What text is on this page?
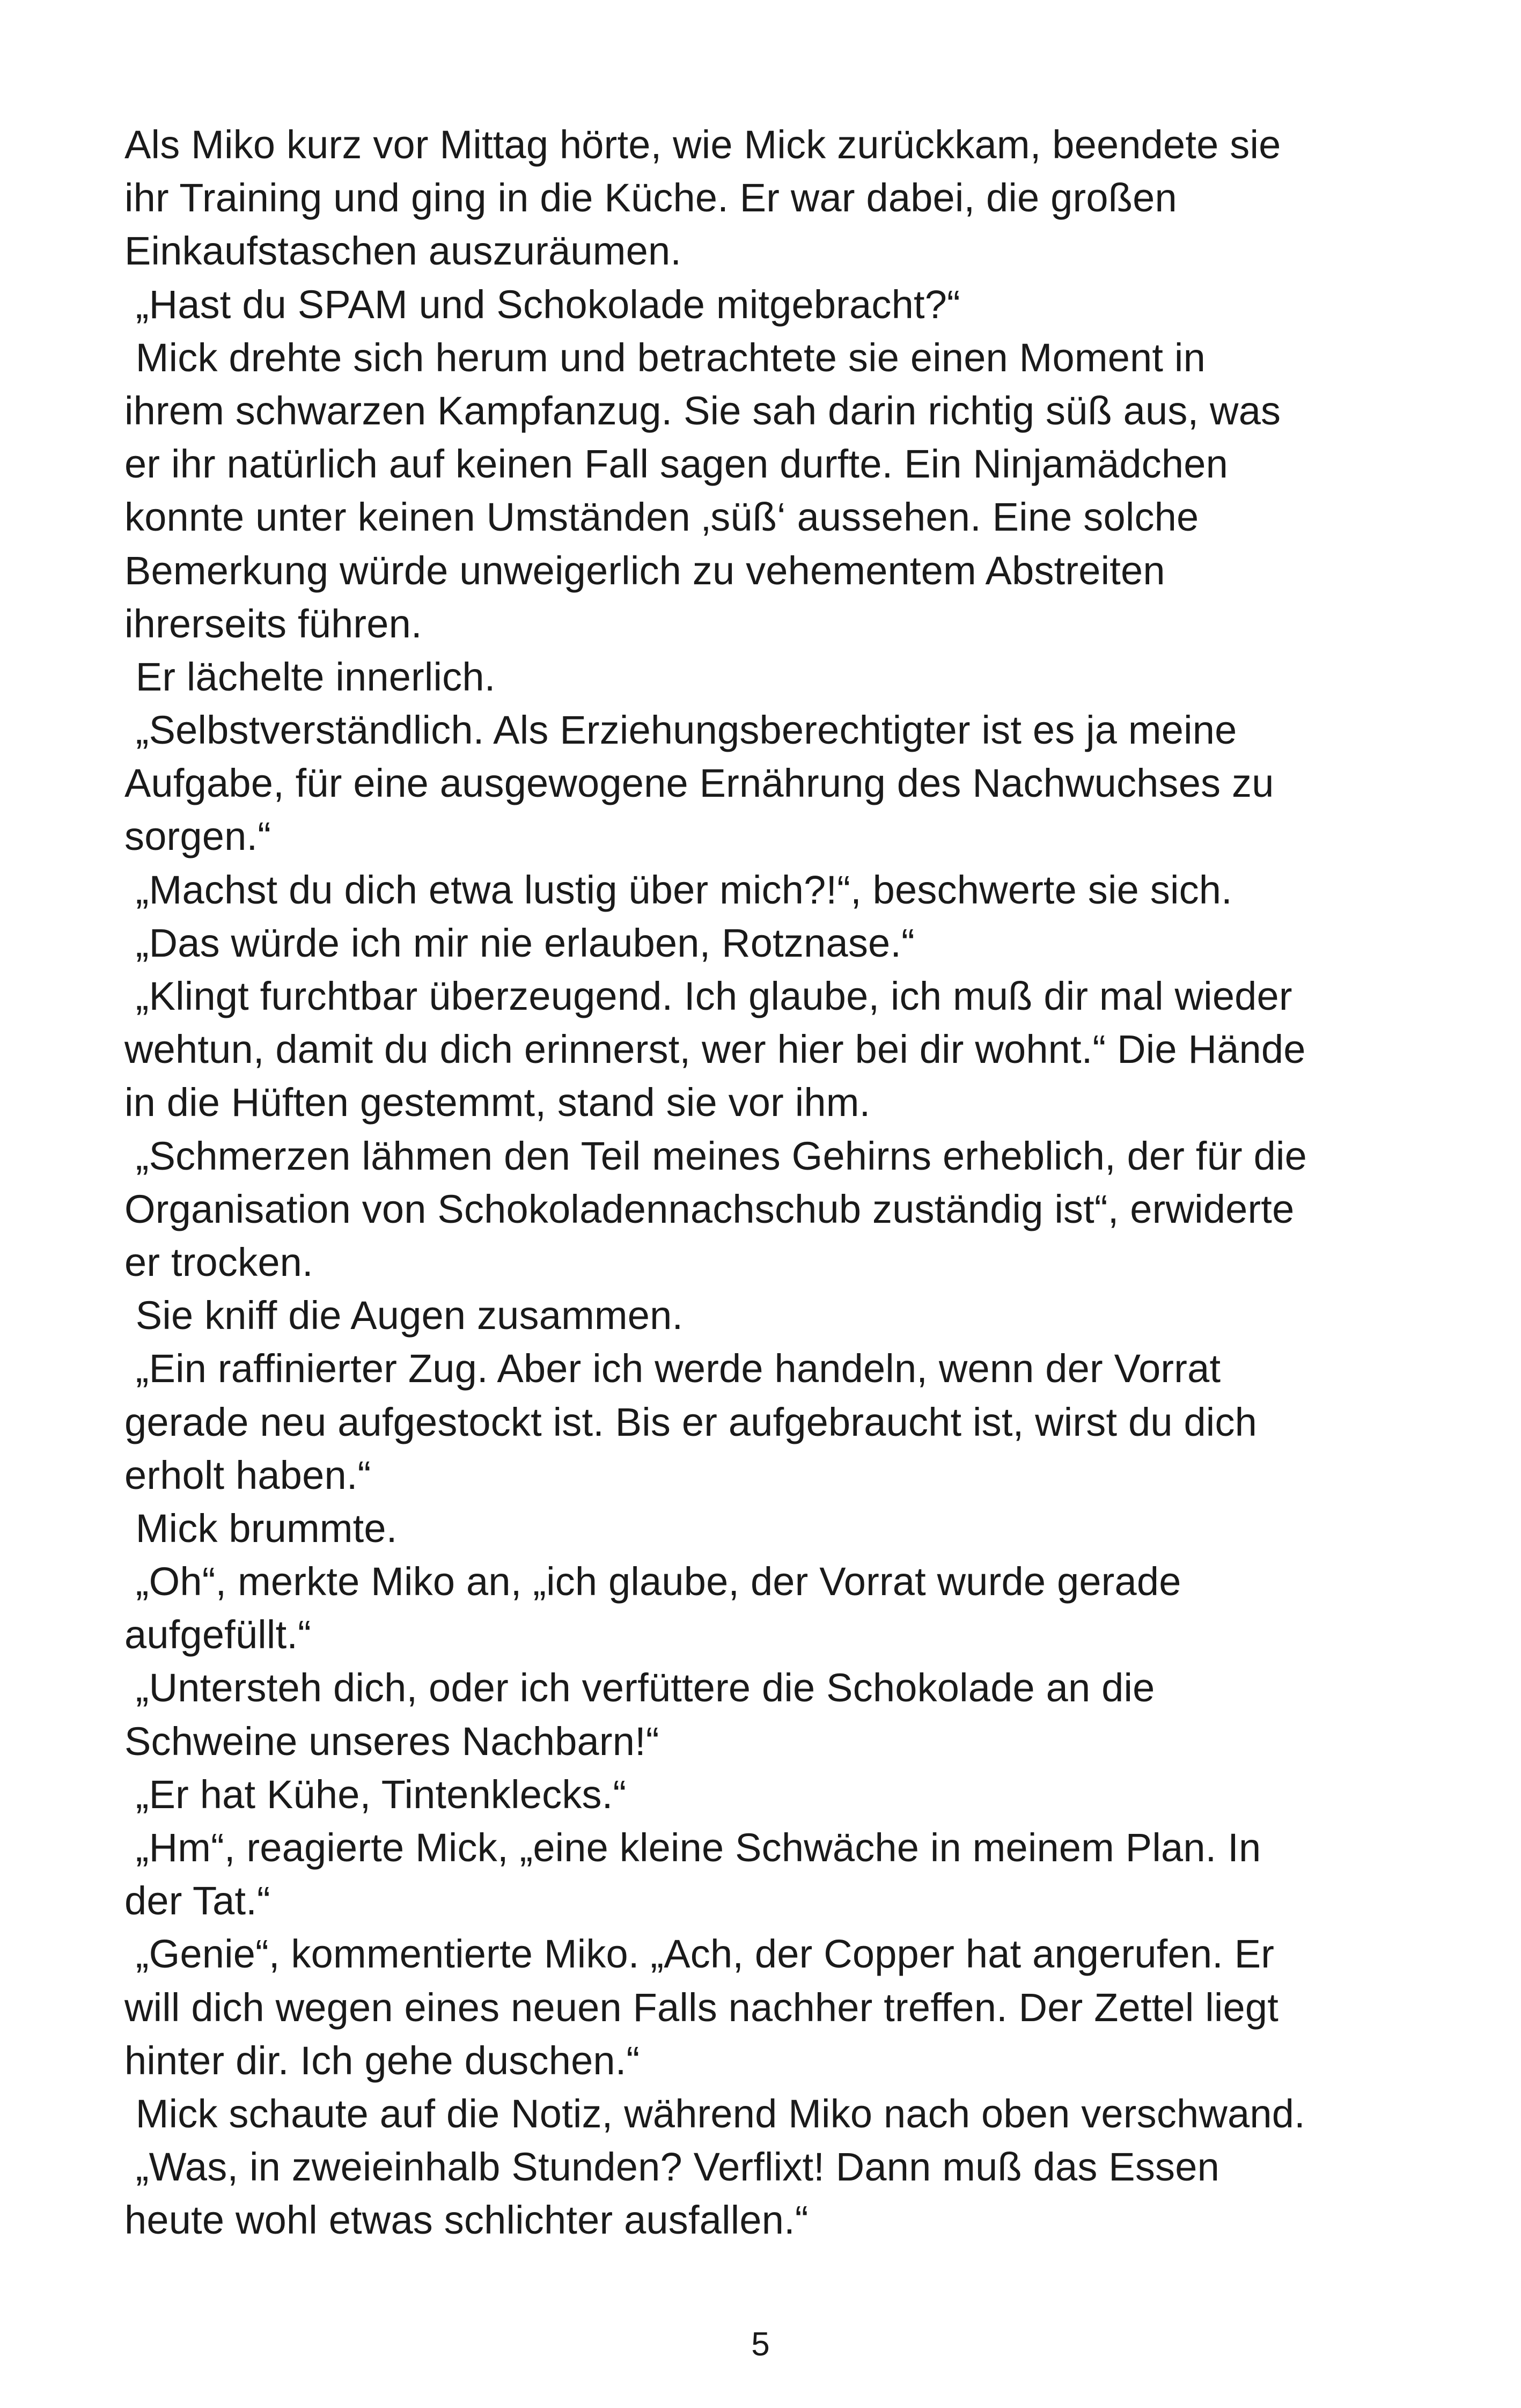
Als Miko kurz vor Mittag hörte, wie Mick zurückkam, beendete sie
ihr Training und ging in die Küche. Er war dabei, die großen
Einkaufstaschen auszuräumen.
„Hast du SPAM und Schokolade mitgebracht?“
Mick drehte sich herum und betrachtete sie einen Moment in
ihrem schwarzen Kampfanzug. Sie sah darin richtig süß aus, was
er ihr natürlich auf keinen Fall sagen durfte. Ein Ninjamädchen
konnte unter keinen Umständen ‚süß‘ aussehen. Eine solche
Bemerkung würde unweigerlich zu vehementem Abstreiten
ihrerseits führen.
Er lächelte innerlich.
„Selbstverständlich. Als Erziehungsberechtigter ist es ja meine
Aufgabe, für eine ausgewogene Ernährung des Nachwuchses zu
sorgen.“
„Machst du dich etwa lustig über mich?!“, beschwerte sie sich.
„Das würde ich mir nie erlauben, Rotznase.“
„Klingt furchtbar überzeugend. Ich glaube, ich muß dir mal wieder
wehtun, damit du dich erinnerst, wer hier bei dir wohnt.“ Die Hände
in die Hüften gestemmt, stand sie vor ihm.
„Schmerzen lähmen den Teil meines Gehirns erheblich, der für die
Organisation von Schokoladennachschub zuständig ist“, erwiderte
er trocken.
Sie kniff die Augen zusammen.
„Ein raffinierter Zug. Aber ich werde handeln, wenn der Vorrat
gerade neu aufgestockt ist. Bis er aufgebraucht ist, wirst du dich
erholt haben.“
Mick brummte.
„Oh“, merkte Miko an, „ich glaube, der Vorrat wurde gerade
aufgefüllt.“
„Untersteh dich, oder ich verfüttere die Schokolade an die
Schweine unseres Nachbarn!“
„Er hat Kühe, Tintenklecks.“
„Hm“, reagierte Mick, „eine kleine Schwäche in meinem Plan. In
der Tat.“
„Genie“, kommentierte Miko. „Ach, der Copper hat angerufen. Er
will dich wegen eines neuen Falls nachher treffen. Der Zettel liegt
hinter dir. Ich gehe duschen.“
Mick schaute auf die Notiz, während Miko nach oben verschwand.
„Was, in zweieinhalb Stunden? Verflixt! Dann muß das Essen
heute wohl etwas schlichter ausfallen.“
5
